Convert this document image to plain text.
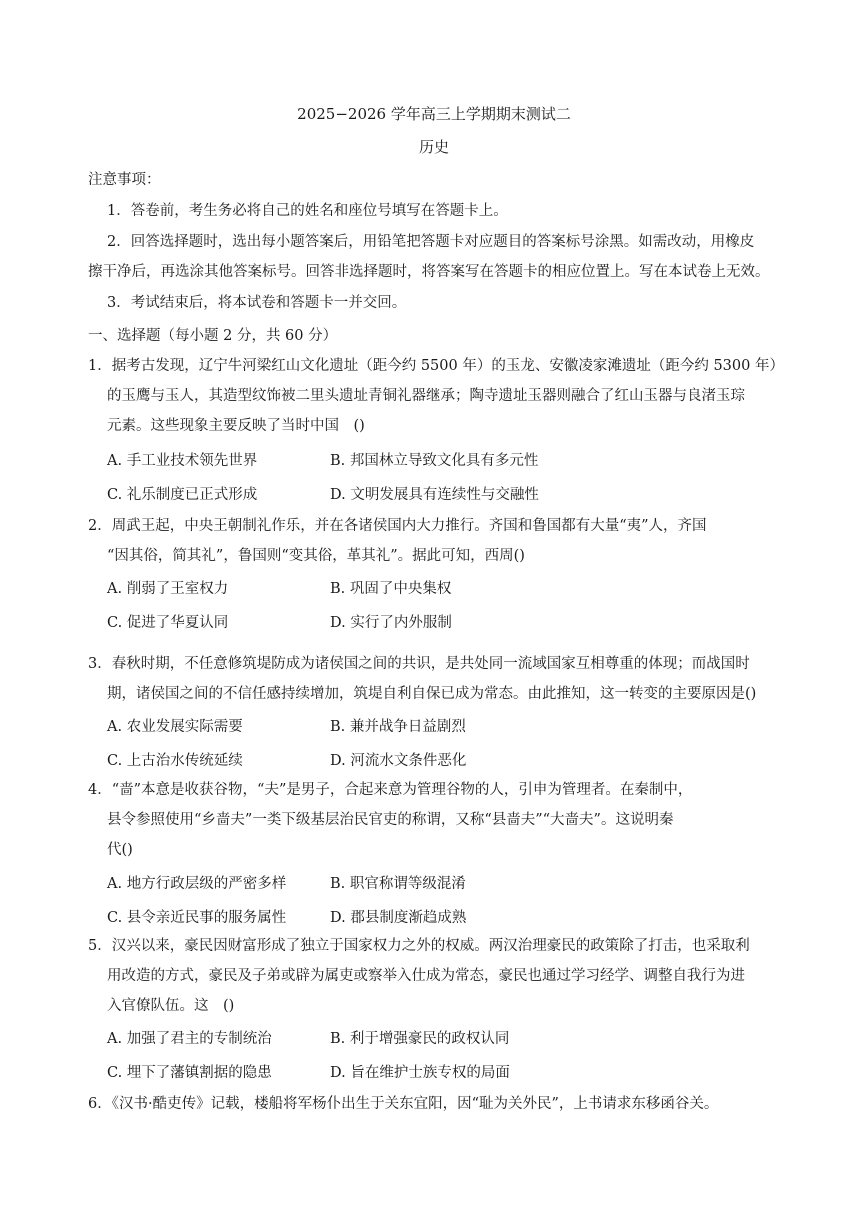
2025−2026 学年高三上学期期末测试二
历史
注意事项：
1．答卷前，考生务必将自己的姓名和座位号填写在答题卡上。
2．回答选择题时，选出每小题答案后，用铅笔把答题卡对应题目的答案标号涂黑。如需改动，用橡皮
擦干净后，再选涂其他答案标号。回答非选择题时，将答案写在答题卡的相应位置上。写在本试卷上无效。
3．考试结束后，将本试卷和答题卡一并交回。
一、选择题（每小题 2 分，共 60 分）
1．据考古发现，辽宁牛河梁红山文化遗址（距今约 5500 年）的玉龙、安徽凌家滩遗址（距今约 5300 年）
的玉鹰与玉人，其造型纹饰被二里头遗址青铜礼器继承；陶寺遗址玉器则融合了红山玉器与良渚玉琮
元素。这些现象主要反映了当时中国　()
A. 手工业技术领先世界	B. 邦国林立导致文化具有多元性
C. 礼乐制度已正式形成	D. 文明发展具有连续性与交融性
2．周武王起，中央王朝制礼作乐，并在各诸侯国内大力推行。齐国和鲁国都有大量“夷”人，齐国
“因其俗，简其礼”，鲁国则“变其俗，革其礼”。据此可知，西周()
A. 削弱了王室权力	B. 巩固了中央集权
C. 促进了华夏认同	D. 实行了内外服制
3．春秋时期，不任意修筑堤防成为诸侯国之间的共识，是共处同一流域国家互相尊重的体现；而战国时
期，诸侯国之间的不信任感持续增加，筑堤自利自保已成为常态。由此推知，这一转变的主要原因是()
A. 农业发展实际需要	B. 兼并战争日益剧烈
C. 上古治水传统延续	D. 河流水文条件恶化
4．“啬”本意是收获谷物，“夫”是男子，合起来意为管理谷物的人，引申为管理者。在秦制中，
县令参照使用“乡啬夫”一类下级基层治民官吏的称谓，又称“县啬夫”“大啬夫”。这说明秦
代()
A. 地方行政层级的严密多样	B. 职官称谓等级混淆
C. 县令亲近民事的服务属性	D. 郡县制度渐趋成熟
5．汉兴以来，豪民因财富形成了独立于国家权力之外的权威。两汉治理豪民的政策除了打击，也采取利
用改造的方式，豪民及子弟或辟为属吏或察举入仕成为常态，豪民也通过学习经学、调整自我行为进
入官僚队伍。这　()
A. 加强了君主的专制统治	B. 利于增强豪民的政权认同
C. 埋下了藩镇割据的隐患	D. 旨在维护士族专权的局面
6．《汉书·酷吏传》记载，楼船将军杨仆出生于关东宜阳，因“耻为关外民”，上书请求东移函谷关。
